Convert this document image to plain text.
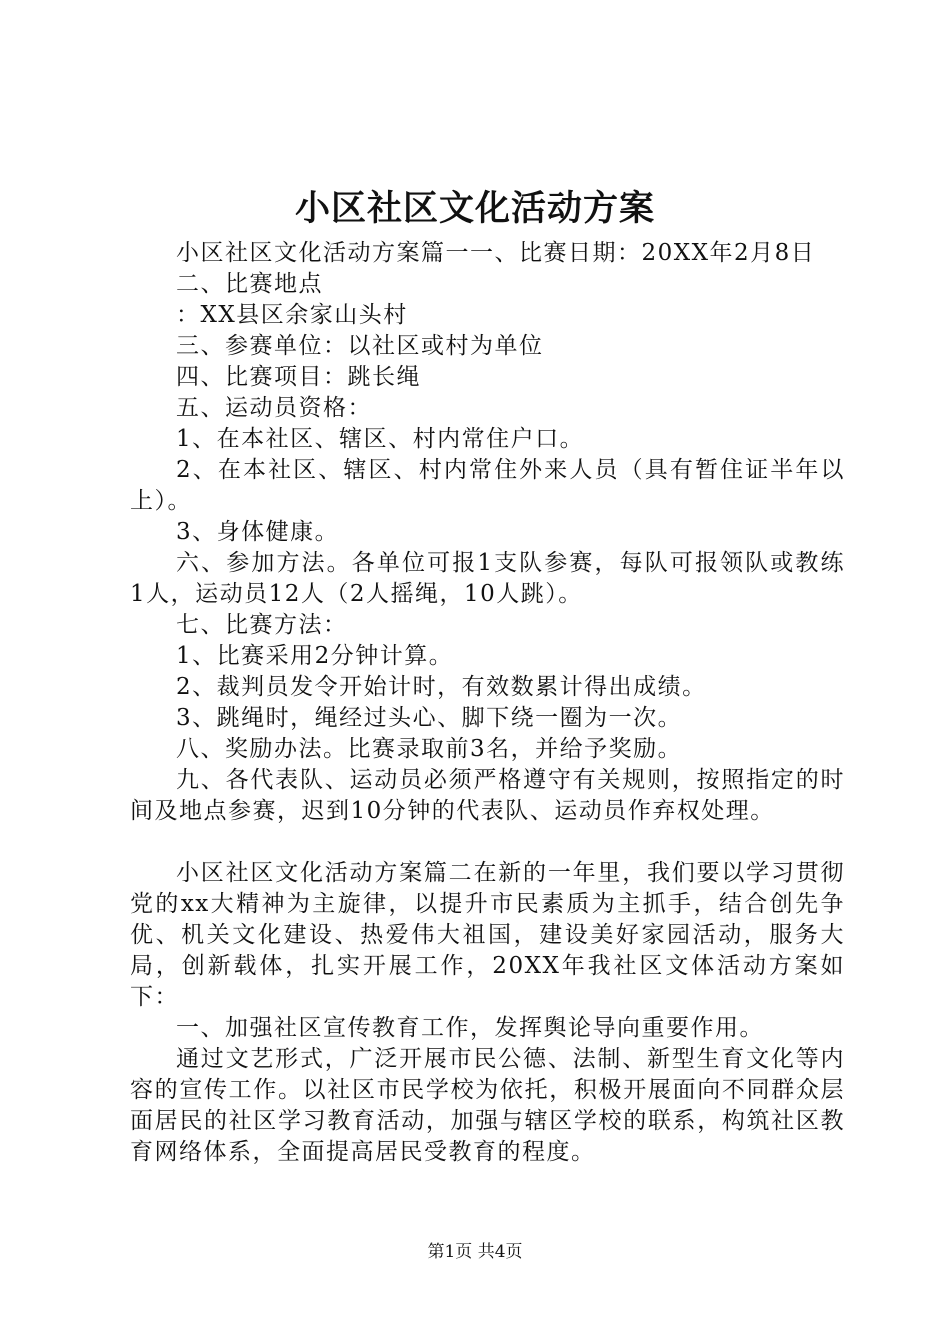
小区社区文化活动方案

小区社区文化活动方案篇一一、比赛日期：20XX年2月8日

二、比赛地点

：XX县区余家山头村

三、参赛单位：以社区或村为单位

四、比赛项目：跳长绳

五、运动员资格：

1、在本社区、辖区、村内常住户口。

2、在本社区、辖区、村内常住外来人员（具有暂住证半年以上）。

3、身体健康。

六、参加方法。各单位可报1支队参赛，每队可报领队或教练1人，运动员12人（2人摇绳，10人跳）。

七、比赛方法：

1、比赛采用2分钟计算。

2、裁判员发令开始计时，有效数累计得出成绩。

3、跳绳时，绳经过头心、脚下绕一圈为一次。

八、奖励办法。比赛录取前3名，并给予奖励。

九、各代表队、运动员必须严格遵守有关规则，按照指定的时间及地点参赛，迟到10分钟的代表队、运动员作弃权处理。

小区社区文化活动方案篇二在新的一年里，我们要以学习贯彻党的xx大精神为主旋律，以提升市民素质为主抓手，结合创先争优、机关文化建设、热爱伟大祖国，建设美好家园活动，服务大局，创新载体，扎实开展工作，20XX年我社区文体活动方案如下：

一、加强社区宣传教育工作，发挥舆论导向重要作用。

通过文艺形式，广泛开展市民公德、法制、新型生育文化等内容的宣传工作。以社区市民学校为依托，积极开展面向不同群众层面居民的社区学习教育活动，加强与辖区学校的联系，构筑社区教育网络体系，全面提高居民受教育的程度。

第1页 共4页
